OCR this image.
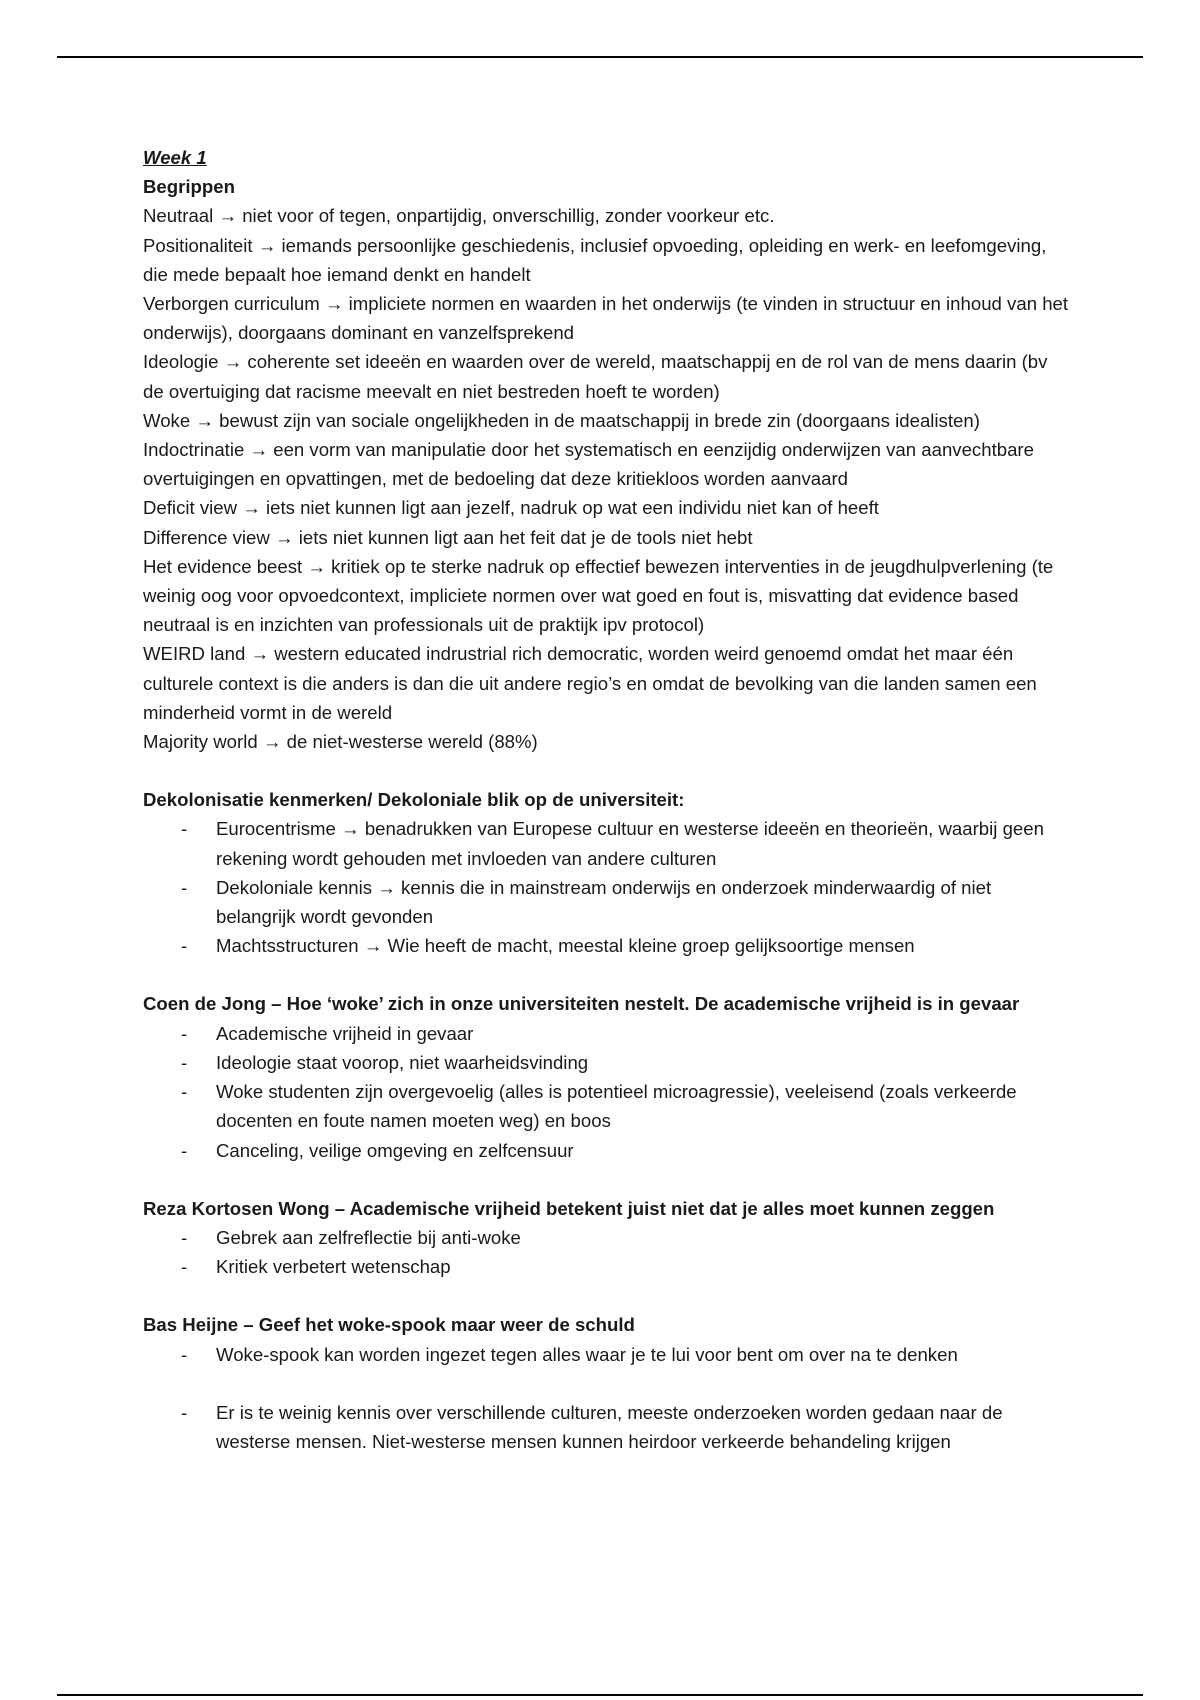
Week 1

Begrippen

Neutraal → niet voor of tegen, onpartijdig, onverschillig, zonder voorkeur etc.

Positionaliteit → iemands persoonlijke geschiedenis, inclusief opvoeding, opleiding en werk- en leefomgeving, die mede bepaalt hoe iemand denkt en handelt

Verborgen curriculum → impliciete normen en waarden in het onderwijs (te vinden in structuur en inhoud van het onderwijs), doorgaans dominant en vanzelfsprekend

Ideologie → coherente set ideeën en waarden over de wereld, maatschappij en de rol van de mens daarin (bv de overtuiging dat racisme meevalt en niet bestreden hoeft te worden)

Woke → bewust zijn van sociale ongelijkheden in de maatschappij in brede zin (doorgaans idealisten)

Indoctrinatie → een vorm van manipulatie door het systematisch en eenzijdig onderwijzen van aanvechtbare overtuigingen en opvattingen, met de bedoeling dat deze kritiekloos worden aanvaard

Deficit view → iets niet kunnen ligt aan jezelf, nadruk op wat een individu niet kan of heeft

Difference view → iets niet kunnen ligt aan het feit dat je de tools niet hebt

Het evidence beest → kritiek op te sterke nadruk op effectief bewezen interventies in de jeugdhulpverlening (te weinig oog voor opvoedcontext, impliciete normen over wat goed en fout is, misvatting dat evidence based neutraal is en inzichten van professionals uit de praktijk ipv protocol)

WEIRD land → western educated indrustrial rich democratic, worden weird genoemd omdat het maar één culturele context is die anders is dan die uit andere regio’s en omdat de bevolking van die landen samen een minderheid vormt in de wereld

Majority world → de niet-westerse wereld (88%)

Dekolonisatie kenmerken/ Dekoloniale blik op de universiteit:

- Eurocentrisme → benadrukken van Europese cultuur en westerse ideeën en theorieën, waarbij geen rekening wordt gehouden met invloeden van andere culturen
- Dekoloniale kennis → kennis die in mainstream onderwijs en onderzoek minderwaardig of niet belangrijk wordt gevonden
- Machtsstructuren → Wie heeft de macht, meestal kleine groep gelijksoortige mensen

Coen de Jong – Hoe ‘woke’ zich in onze universiteiten nestelt. De academische vrijheid is in gevaar

- Academische vrijheid in gevaar
- Ideologie staat voorop, niet waarheidsvinding
- Woke studenten zijn overgevoelig (alles is potentieel microagressie), veeleisend (zoals verkeerde docenten en foute namen moeten weg) en boos
- Canceling, veilige omgeving en zelfcensuur

Reza Kortosen Wong – Academische vrijheid betekent juist niet dat je alles moet kunnen zeggen

- Gebrek aan zelfreflectie bij anti-woke
- Kritiek verbetert wetenschap

Bas Heijne – Geef het woke-spook maar weer de schuld

- Woke-spook kan worden ingezet tegen alles waar je te lui voor bent om over na te denken
- Er is te weinig kennis over verschillende culturen, meeste onderzoeken worden gedaan naar de westerse mensen. Niet-westerse mensen kunnen heirdoor verkeerde behandeling krijgen
